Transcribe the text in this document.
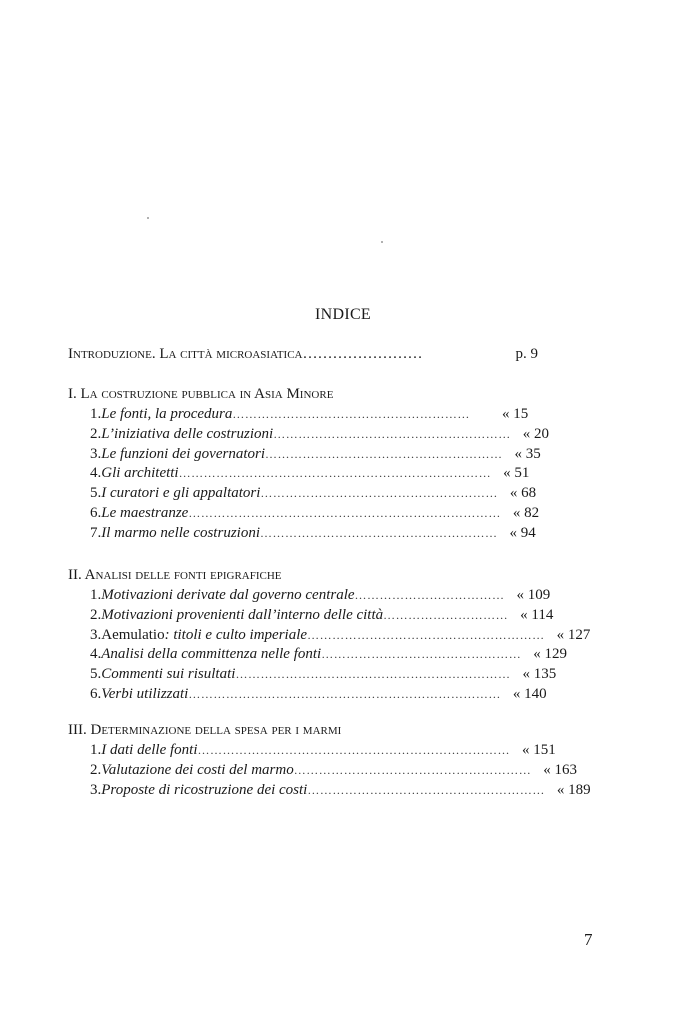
INDICE
Introduzione. La città microasiatica ……………………	p. 9
I. La costruzione pubblica in Asia Minore
1. Le fonti, la procedura …………………………………………………	« 15
2. L’iniziativa delle costruzioni ………………………………………………… « 20
3. Le funzioni dei governatori ………………………………………………… « 35
4. Gli architetti ………………………………………………………………… « 51
5. I curatori e gli appaltatori ………………………………………………… « 68
6. Le maestranze ………………………………………………………………… « 82
7. Il marmo nelle costruzioni ………………………………………………… « 94
II. Analisi delle fonti epigrafiche
1. Motivazioni derivate dal governo centrale ……………………………… « 109
2. Motivazioni provenienti dall’interno delle città ………………………… « 114
3. Aemulatio: titoli e culto imperiale ………………………………………………… « 127
4. Analisi della committenza nelle fonti ………………………………………… « 129
5. Commenti sui risultati ………………………………………………………… « 135
6. Verbi utilizzati ………………………………………………………………… « 140
III. Determinazione della spesa per i marmi
1. I dati delle fonti ………………………………………………………………… « 151
2. Valutazione dei costi del marmo ………………………………………………… « 163
3. Proposte di ricostruzione dei costi ………………………………………………… « 189
7
